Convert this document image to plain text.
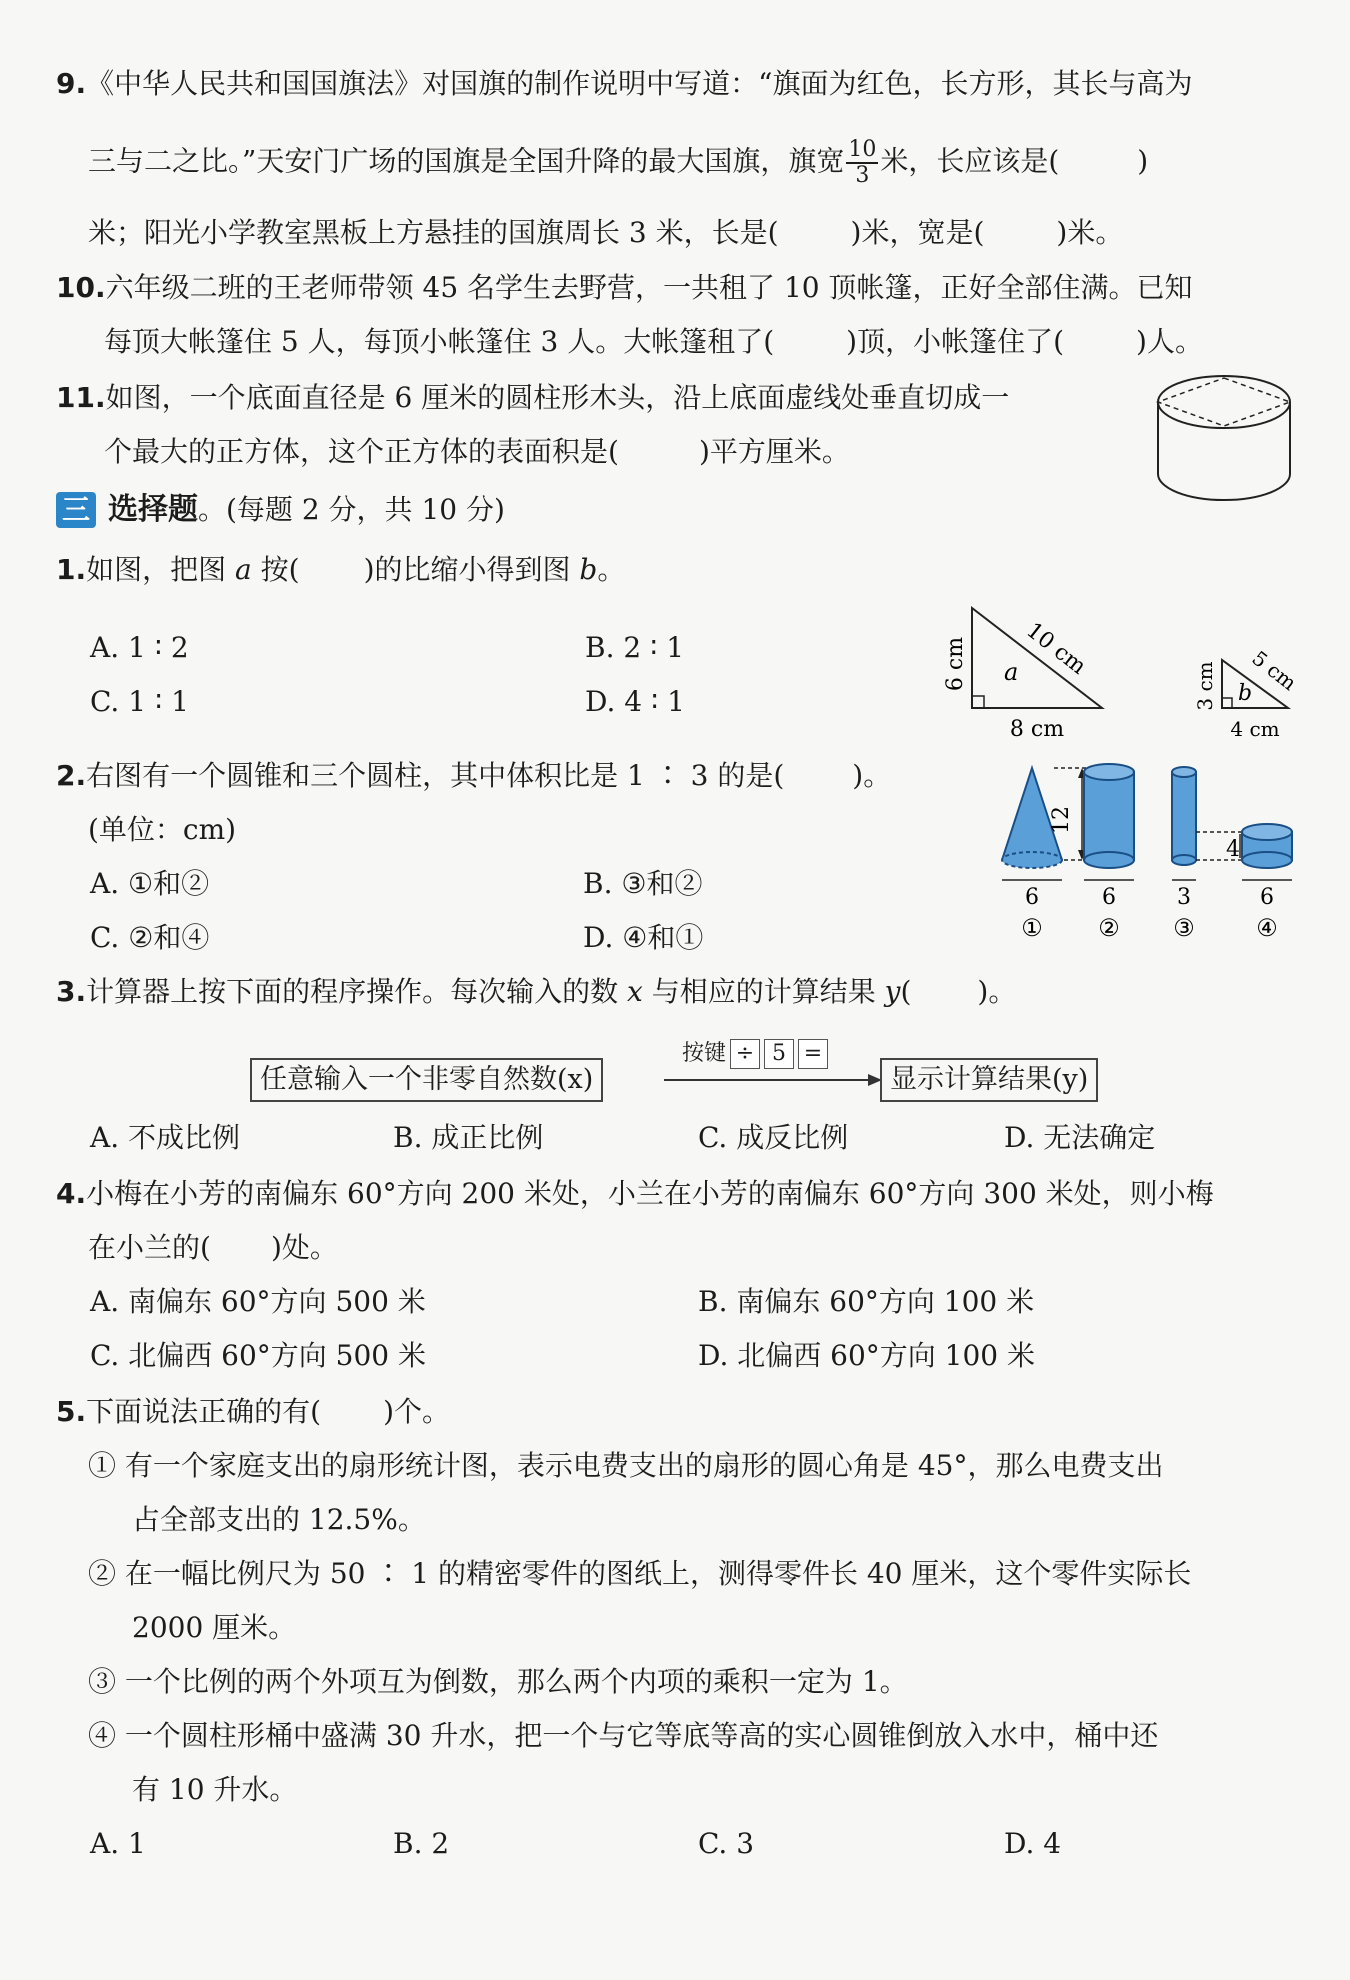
9.《中华人民共和国国旗法》对国旗的制作说明中写道：“旗面为红色，长方形，其长与高为
三与二之比。”天安门广场的国旗是全国升降的最大国旗，旗宽 $\frac{10}{3}$ 米，长应该是(	)
米；阳光小学教室黑板上方悬挂的国旗周长 3 米，长是(	)米，宽是(	)米。
10.六年级二班的王老师带领 45 名学生去野营，一共租了 10 顶帐篷，正好全部住满。已知
每顶大帐篷住 5 人，每顶小帐篷住 3 人。大帐篷租了(	)顶，小帐篷住了(	)人。
11.如图，一个底面直径是 6 厘米的圆柱形木头，沿上底面虚线处垂直切成一
个最大的正方体，这个正方体的表面积是(	)平方厘米。
三 选择题。(每题 2 分，共 10 分)
1.如图，把图 a 按( )的比缩小得到图 b。
A. 1 ∶ 2	B. 2 ∶ 1
C. 1 ∶ 1	D. 4 ∶ 1
6 cm 10 cm
8 cm
a	3 cm 5 cm
4 cm
b
2.右图有一个圆锥和三个圆柱，其中体积比是 1 ∶ 3 的是( )。
(单位：cm)
A. ①和②	B. ③和②
C. ②和④	D. ④和①
12
4
6	6	3	6
① ② ③	④
3.计算器上按下面的程序操作。每次输入的数 x 与相应的计算结果 y( )。
任意输入一个非零自然数(x)
按键 ÷ 5 =
显示计算结果(y)
A. 不成比例	B. 成正比例	C. 成反比例	D. 无法确定
4.小梅在小芳的南偏东 60°方向 200 米处，小兰在小芳的南偏东 60°方向 300 米处，则小梅
在小兰的( )处。
A. 南偏东 60°方向 500 米	B. 南偏东 60°方向 100 米
C. 北偏西 60°方向 500 米	D. 北偏西 60°方向 100 米
5.下面说法正确的有( )个。
① 有一个家庭支出的扇形统计图，表示电费支出的扇形的圆心角是 45°，那么电费支出
占全部支出的 12.5%。
② 在一幅比例尺为 50 ∶ 1 的精密零件的图纸上，测得零件长 40 厘米，这个零件实际长
2000 厘米。
③ 一个比例的两个外项互为倒数，那么两个内项的乘积一定为 1。
④ 一个圆柱形桶中盛满 30 升水，把一个与它等底等高的实心圆锥倒放入水中，桶中还
有 10 升水。
A. 1	B. 2	C. 3	D. 4
